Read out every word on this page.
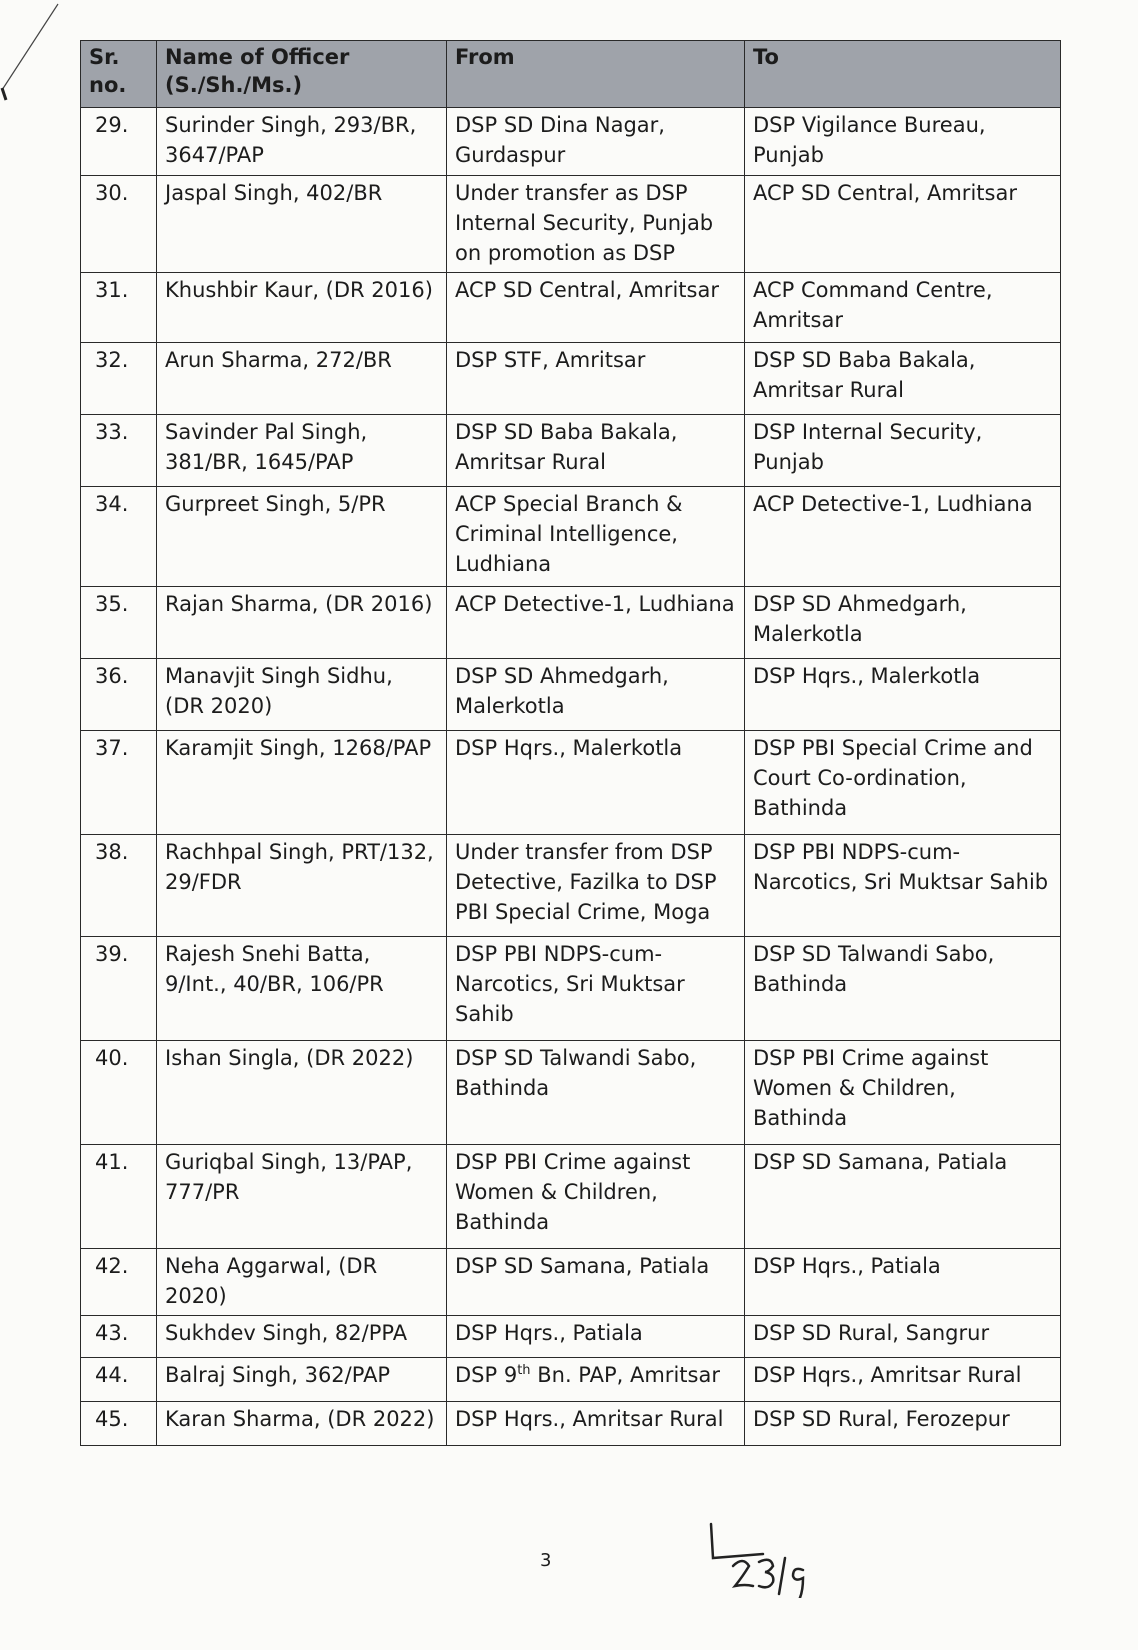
Sr. no.	Name of Officer (S./Sh./Ms.)	From	To
29.	Surinder Singh, 293/BR, 3647/PAP	DSP SD Dina Nagar, Gurdaspur	DSP Vigilance Bureau, Punjab
30.	Jaspal Singh, 402/BR	Under transfer as DSP Internal Security, Punjab on promotion as DSP	ACP SD Central, Amritsar
31.	Khushbir Kaur, (DR 2016)	ACP SD Central, Amritsar	ACP Command Centre, Amritsar
32.	Arun Sharma, 272/BR	DSP STF, Amritsar	DSP SD Baba Bakala, Amritsar Rural
33.	Savinder Pal Singh, 381/BR, 1645/PAP	DSP SD Baba Bakala, Amritsar Rural	DSP Internal Security, Punjab
34.	Gurpreet Singh, 5/PR	ACP Special Branch & Criminal Intelligence, Ludhiana	ACP Detective-1, Ludhiana
35.	Rajan Sharma, (DR 2016)	ACP Detective-1, Ludhiana	DSP SD Ahmedgarh, Malerkotla
36.	Manavjit Singh Sidhu, (DR 2020)	DSP SD Ahmedgarh, Malerkotla	DSP Hqrs., Malerkotla
37.	Karamjit Singh, 1268/PAP	DSP Hqrs., Malerkotla	DSP PBI Special Crime and Court Co-ordination, Bathinda
38.	Rachhpal Singh, PRT/132, 29/FDR	Under transfer from DSP Detective, Fazilka to DSP PBI Special Crime, Moga	DSP PBI NDPS-cum-Narcotics, Sri Muktsar Sahib
39.	Rajesh Snehi Batta, 9/Int., 40/BR, 106/PR	DSP PBI NDPS-cum-Narcotics, Sri Muktsar Sahib	DSP SD Talwandi Sabo, Bathinda
40.	Ishan Singla, (DR 2022)	DSP SD Talwandi Sabo, Bathinda	DSP PBI Crime against Women & Children, Bathinda
41.	Guriqbal Singh, 13/PAP, 777/PR	DSP PBI Crime against Women & Children, Bathinda	DSP SD Samana, Patiala
42.	Neha Aggarwal, (DR 2020)	DSP SD Samana, Patiala	DSP Hqrs., Patiala
43.	Sukhdev Singh, 82/PPA	DSP Hqrs., Patiala	DSP SD Rural, Sangrur
44.	Balraj Singh, 362/PAP	DSP 9th Bn. PAP, Amritsar	DSP Hqrs., Amritsar Rural
45.	Karan Sharma, (DR 2022)	DSP Hqrs., Amritsar Rural	DSP SD Rural, Ferozepur
3
